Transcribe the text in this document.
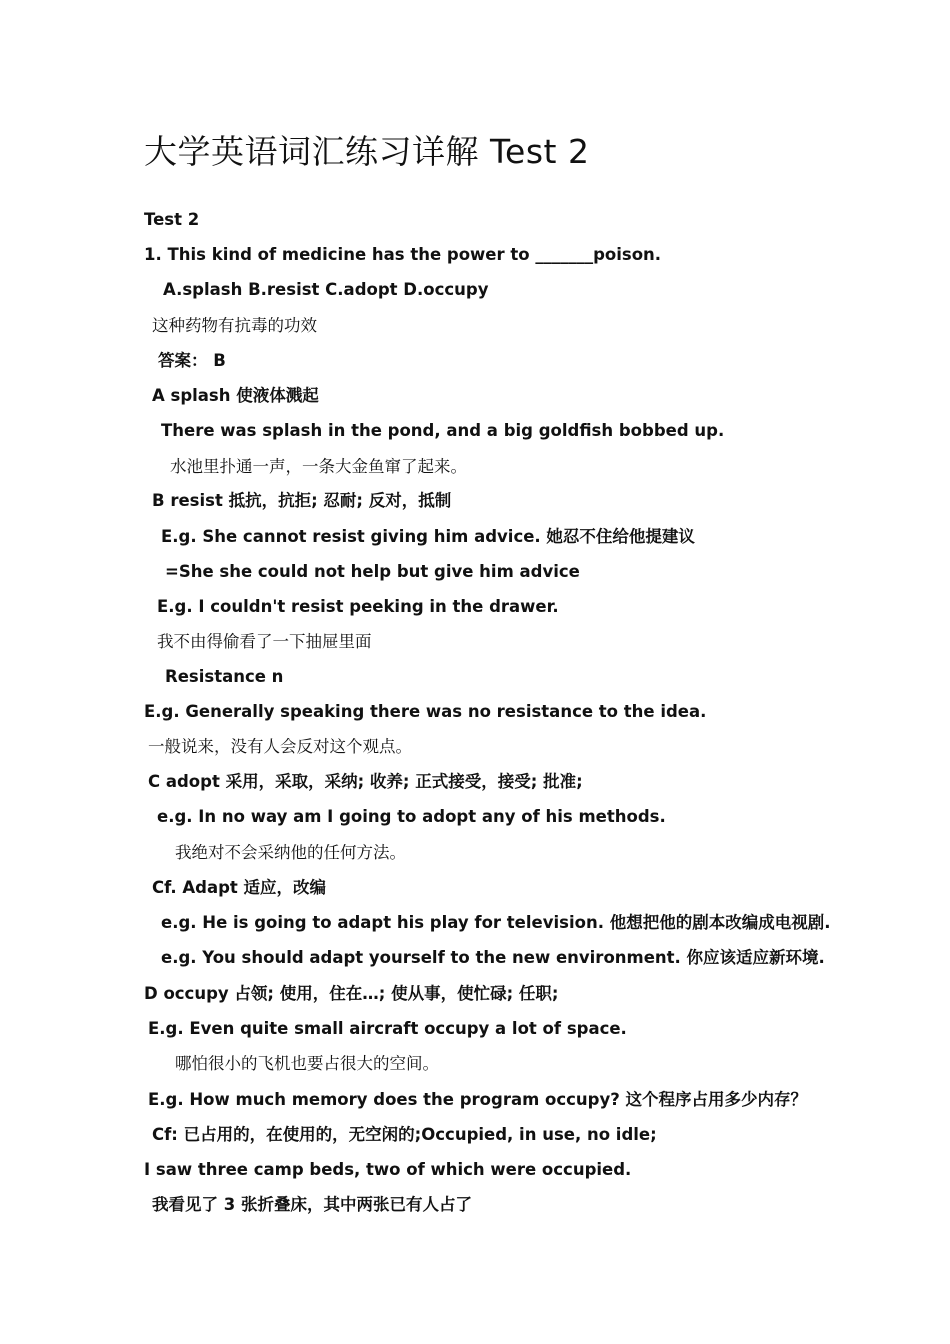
大学英语词汇练习详解 Test 2
Test 2
1. This kind of medicine has the power to _______poison.
A.splash B.resist C.adopt D.occupy
这种药物有抗毒的功效
答案： B
A splash 使液体溅起
There was splash in the pond, and a big goldfish bobbed up.
水池里扑通一声，一条大金鱼窜了起来。
B resist 抵抗，抗拒; 忍耐; 反对，抵制
E.g. She cannot resist giving him advice. 她忍不住给他提建议
=She she could not help but give him advice
E.g. I couldn't resist peeking in the drawer.
我不由得偷看了一下抽屉里面
Resistance n
E.g. Generally speaking there was no resistance to the idea.
一般说来，没有人会反对这个观点。
C adopt 采用，采取，采纳; 收养; 正式接受，接受; 批准;
e.g. In no way am I going to adopt any of his methods.
我绝对不会采纳他的任何方法。
Cf. Adapt 适应，改编
e.g. He is going to adapt his play for television. 他想把他的剧本改编成电视剧.
e.g. You should adapt yourself to the new environment. 你应该适应新环境.
D occupy 占领; 使用，住在…; 使从事，使忙碌; 任职;
E.g. Even quite small aircraft occupy a lot of space.
哪怕很小的飞机也要占很大的空间。
E.g. How much memory does the program occupy? 这个程序占用多少内存？
Cf: 已占用的，在使用的，无空闲的;Occupied, in use, no idle;
I saw three camp beds, two of which were occupied.
我看见了 3 张折叠床，其中两张已有人占了
